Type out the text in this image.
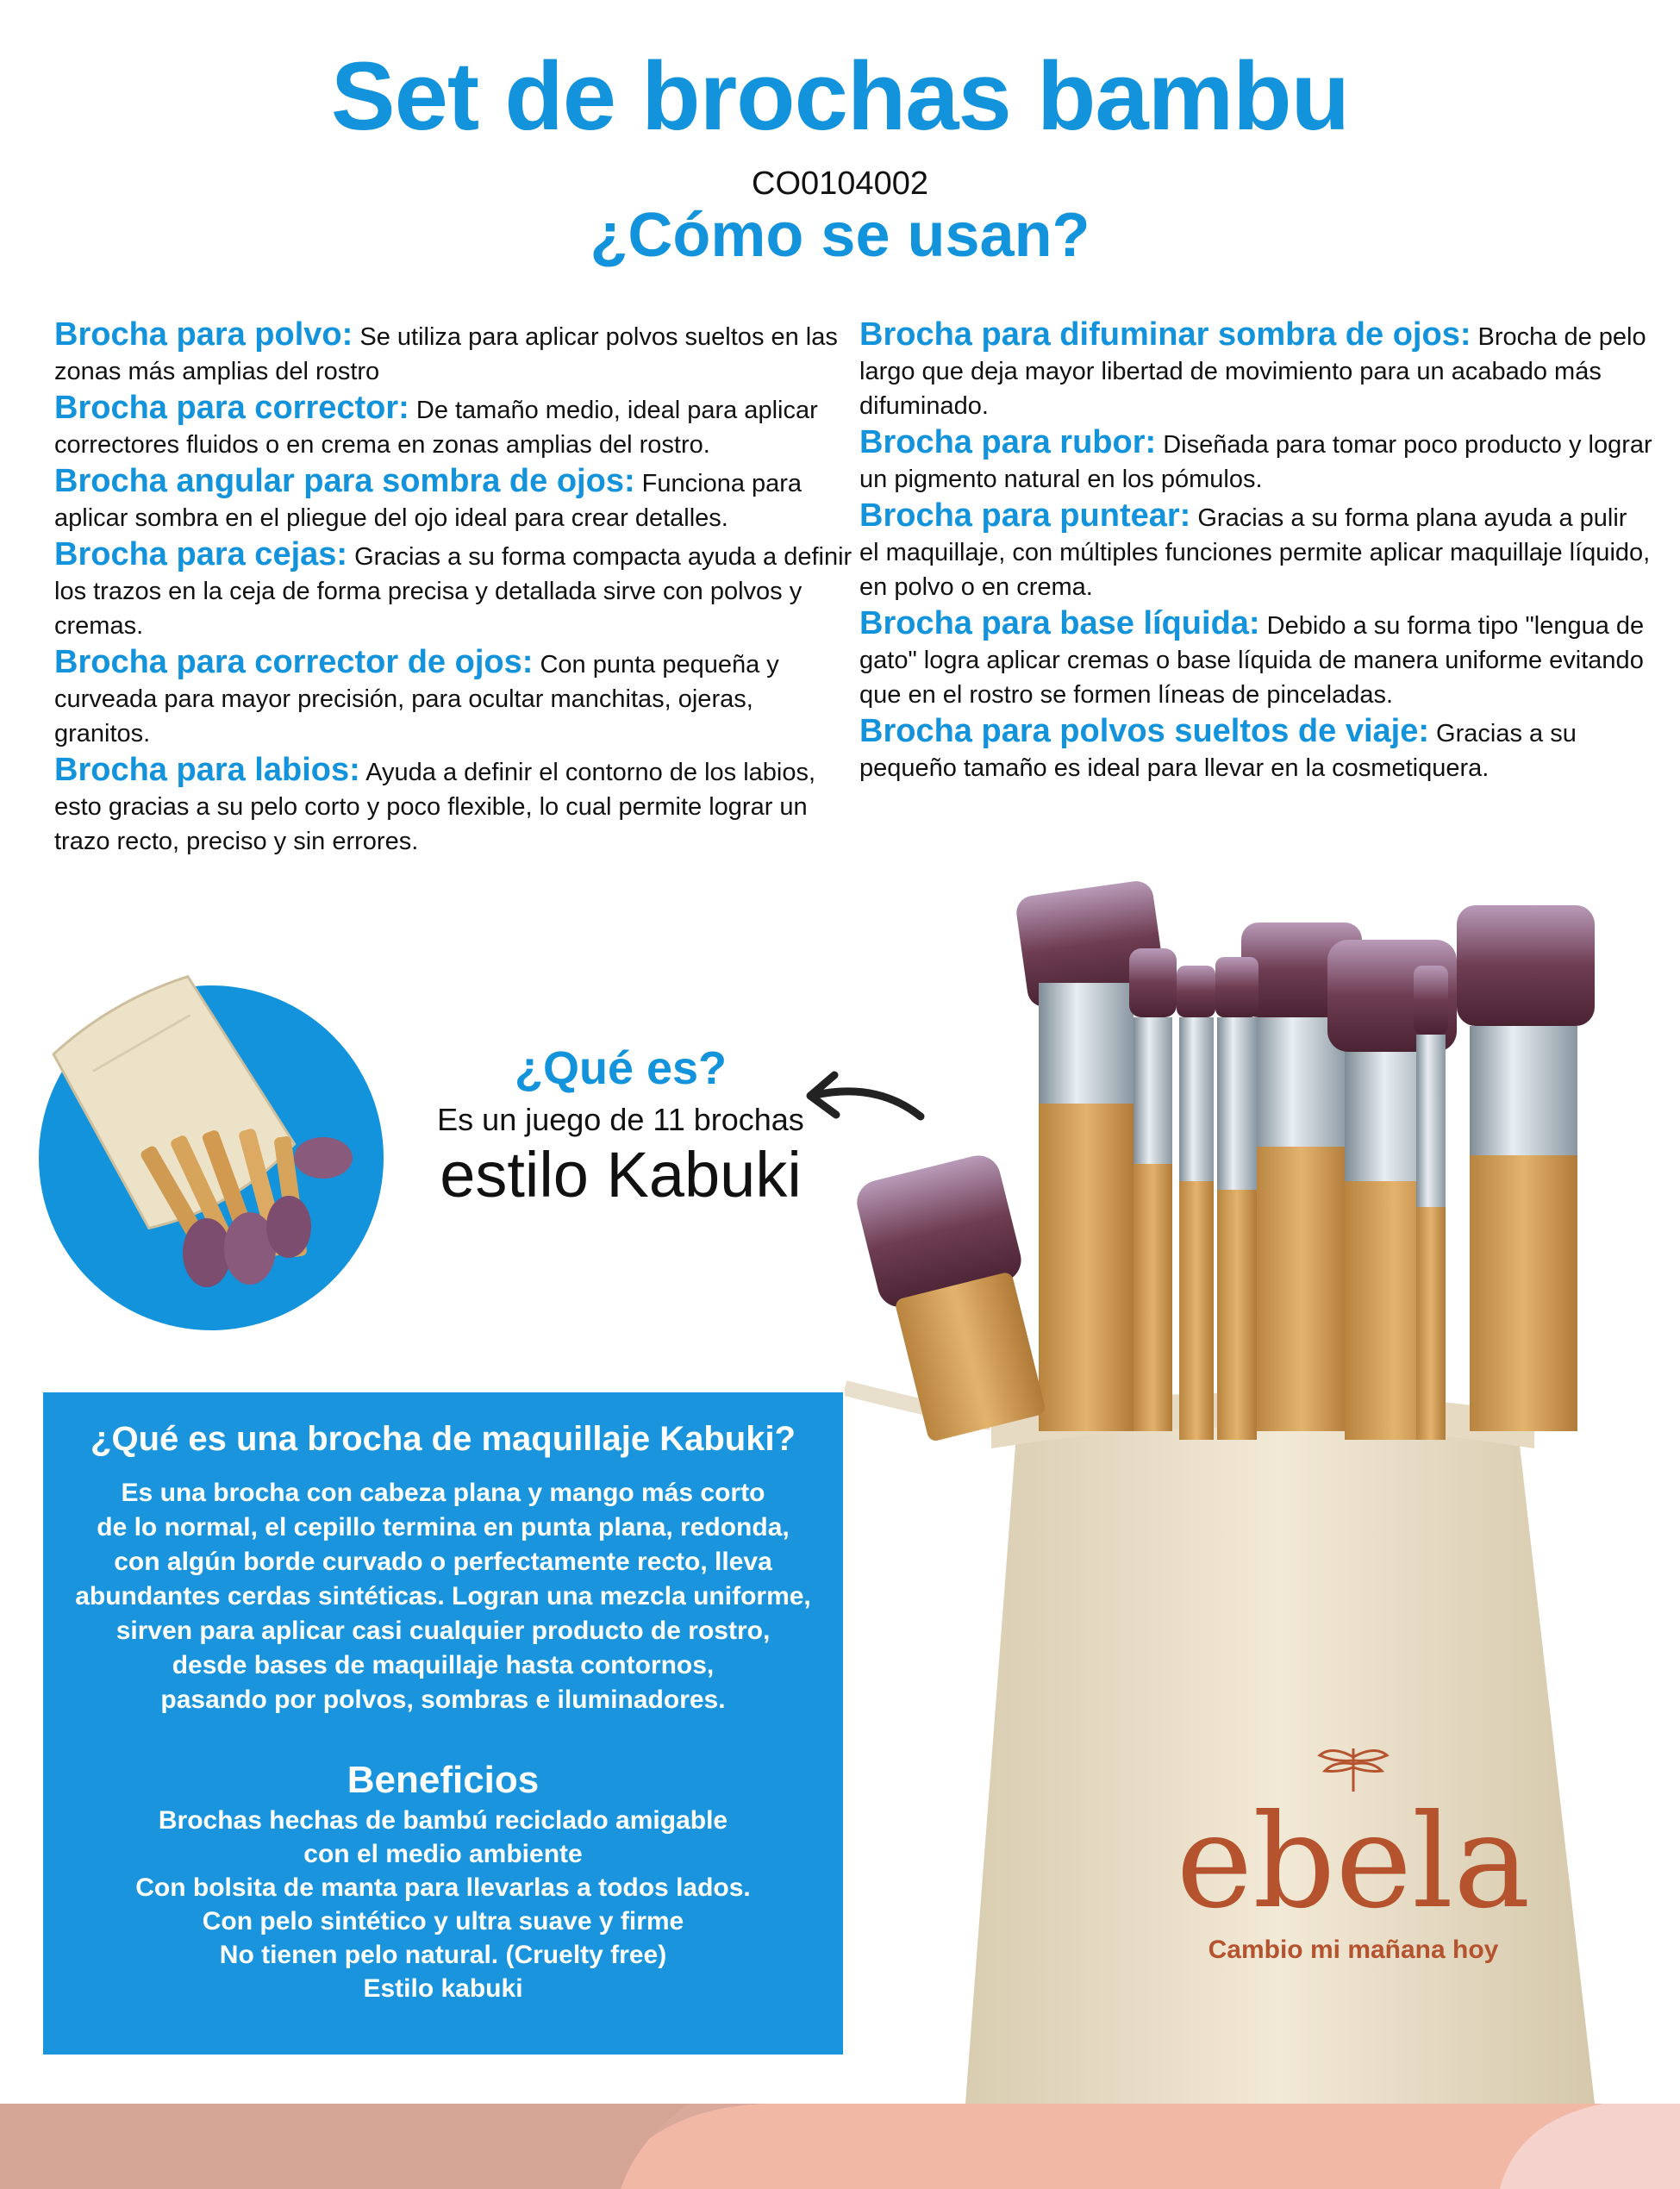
Set de brochas bambu
CO0104002
¿Cómo se usan?
Brocha para polvo: Se utiliza para aplicar polvos sueltos en las zonas más amplias del rostro
Brocha para corrector: De tamaño medio, ideal para aplicar correctores fluidos o en crema en zonas amplias del rostro.
Brocha angular para sombra de ojos: Funciona para aplicar sombra en el pliegue del ojo ideal para crear detalles.
Brocha para cejas: Gracias a su forma compacta ayuda a definir los trazos en la ceja de forma precisa y detallada sirve con polvos y cremas.
Brocha para corrector de ojos: Con punta pequeña y curveada para mayor precisión, para ocultar manchitas, ojeras, granitos.
Brocha para labios: Ayuda a definir el contorno de los labios, esto gracias a su pelo corto y poco flexible, lo cual permite lograr un trazo recto, preciso y sin errores.
Brocha para difuminar sombra de ojos: Brocha de pelo largo que deja mayor libertad de movimiento para un acabado más difuminado.
Brocha para rubor: Diseñada para tomar poco producto y lograr un pigmento natural en los pómulos.
Brocha para puntear: Gracias a su forma plana ayuda a pulir el maquillaje, con múltiples funciones permite aplicar maquillaje líquido, en polvo o en crema.
Brocha para base líquida: Debido a su forma tipo "lengua de gato" logra aplicar cremas o base líquida de manera uniforme evitando que en el rostro se formen líneas de pinceladas.
Brocha para polvos sueltos de viaje: Gracias a su pequeño tamaño es ideal para llevar en la cosmetiquera.
¿Qué es?
Es un juego de 11 brochas
estilo Kabuki
ebela
Cambio mi mañana hoy
¿Qué es una brocha de maquillaje Kabuki?

Es una brocha con cabeza plana y mango más corto
de lo normal, el cepillo termina en punta plana, redonda,
con algún borde curvado o perfectamente recto, lleva
abundantes cerdas sintéticas. Logran una mezcla uniforme,
sirven para aplicar casi cualquier producto de rostro,
desde bases de maquillaje hasta contornos,
pasando por polvos, sombras e iluminadores.

Beneficios
Brochas hechas de bambú reciclado amigable
con el medio ambiente
Con bolsita de manta para llevarlas a todos lados.
Con pelo sintético y ultra suave y firme
No tienen pelo natural. (Cruelty free)
Estilo kabuki
